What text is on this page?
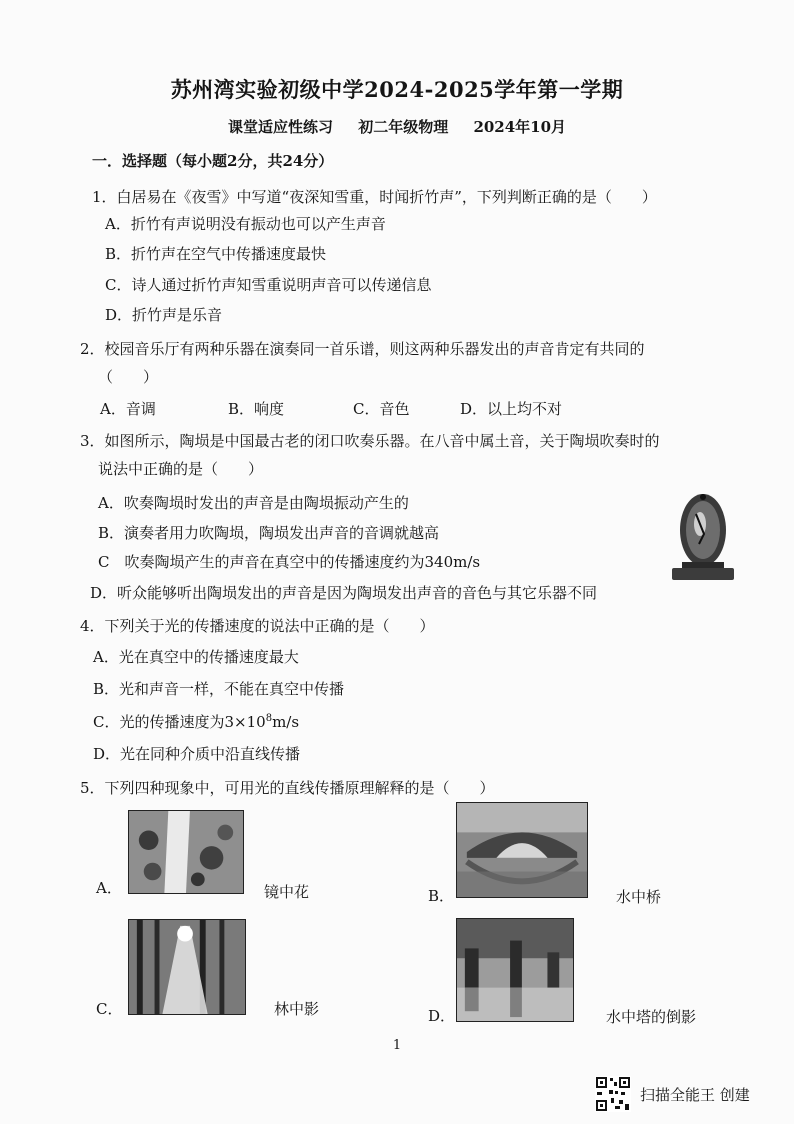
苏州湾实验初级中学2024-2025学年第一学期
课堂适应性练习 初二年级物理 2024年10月
一．选择题（每小题2分，共24分）
1．白居易在《夜雪》中写道“夜深知雪重，时闻折竹声”，下列判断正确的是（　　）
A．折竹有声说明没有振动也可以产生声音
B．折竹声在空气中传播速度最快
C．诗人通过折竹声知雪重说明声音可以传递信息
D．折竹声是乐音
2．校园音乐厅有两种乐器在演奏同一首乐谱，则这两种乐器发出的声音肯定有共同的
（　　）
A．音调	B．响度	C．音色	D．以上均不对
3．如图所示，陶埙是中国最古老的闭口吹奏乐器。在八音中属土音，关于陶埙吹奏时的
说法中正确的是（　　）
A．吹奏陶埙时发出的声音是由陶埙振动产生的
B．演奏者用力吹陶埙，陶埙发出声音的音调就越高
C　吹奏陶埙产生的声音在真空中的传播速度约为340m/s
D．听众能够听出陶埙发出的声音是因为陶埙发出声音的音色与其它乐器不同
4．下列关于光的传播速度的说法中正确的是（　　）
A．光在真空中的传播速度最大
B．光和声音一样，不能在真空中传播
C．光的传播速度为$3\times 10^8m/s$
D．光在同种介质中沿直线传播
5．下列四种现象中，可用光的直线传播原理解释的是（　　）
A．	镜中花	B．	水中桥
C．	林中影	D．	水中塔的倒影
1
扫描全能王 创建
